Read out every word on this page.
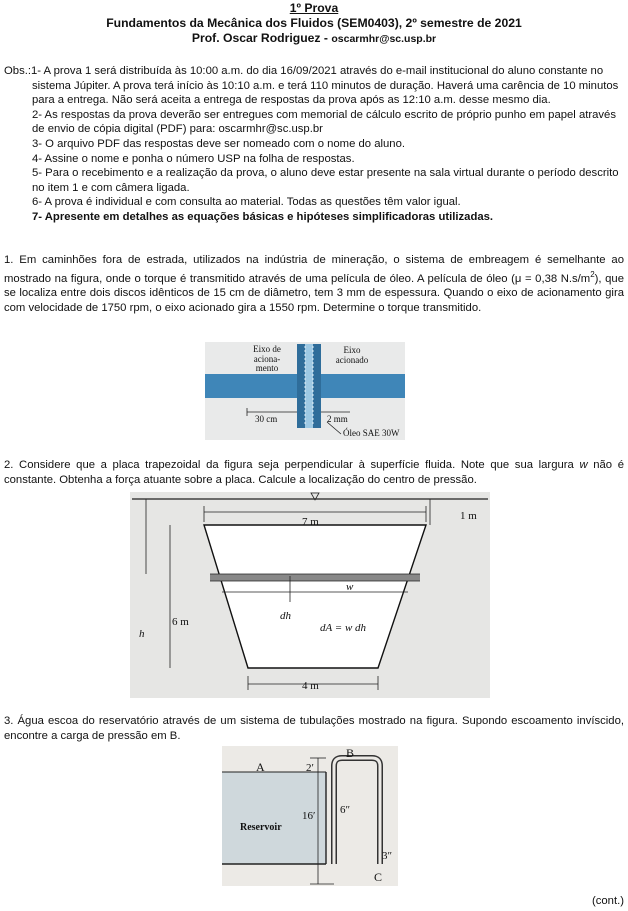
1º Prova
Fundamentos da Mecânica dos Fluidos (SEM0403), 2º semestre de 2021
Prof. Oscar Rodriguez - oscarmhr@sc.usp.br
Obs.:1- A prova 1 será distribuída às 10:00 a.m. do dia 16/09/2021 através do e-mail institucional do aluno constante no sistema Júpiter. A prova terá início às 10:10 a.m. e terá 110 minutos de duração. Haverá uma carência de 10 minutos para a entrega. Não será aceita a entrega de respostas da prova após as 12:10 a.m. desse mesmo dia.
2- As respostas da prova deverão ser entregues com memorial de cálculo escrito de próprio punho em papel através de envio de cópia digital (PDF) para: oscarmhr@sc.usp.br
3- O arquivo PDF das respostas deve ser nomeado com o nome do aluno.
4- Assine o nome e ponha o número USP na folha de respostas.
5- Para o recebimento e a realização da prova, o aluno deve estar presente na sala virtual durante o período descrito no item 1 e com câmera ligada.
6- A prova é individual e com consulta ao material. Todas as questões têm valor igual.
7- Apresente em detalhes as equações básicas e hipóteses simplificadoras utilizadas.
1. Em caminhões fora de estrada, utilizados na indústria de mineração, o sistema de embreagem é semelhante ao mostrado na figura, onde o torque é transmitido através de uma película de óleo. A película de óleo (μ = 0,38 $N.s/m^2$), que se localiza entre dois discos idênticos de 15 cm de diâmetro, tem 3 mm de espessura. Quando o eixo de acionamento gira com velocidade de 1750 rpm, o eixo acionado gira a 1550 rpm. Determine o torque transmitido.
Eixo de
aciona-
mento
Eixo
acionado
30 cm	2 mm
Óleo SAE 30W
2. Considere que a placa trapezoidal da figura seja perpendicular à superfície fluida. Note que sua largura w não é constante. Obtenha a força atuante sobre a placa. Calcule a localização do centro de pressão.
7 m	1 m
w
h
6 m	dh
dA = w dh
4 m
3. Água escoa do reservatório através de um sistema de tubulações mostrado na figura. Supondo escoamento invíscido, encontre a carga de pressão em B.
A
B
C
2′
16′ 6″
3″
Reservoir
(cont.)
